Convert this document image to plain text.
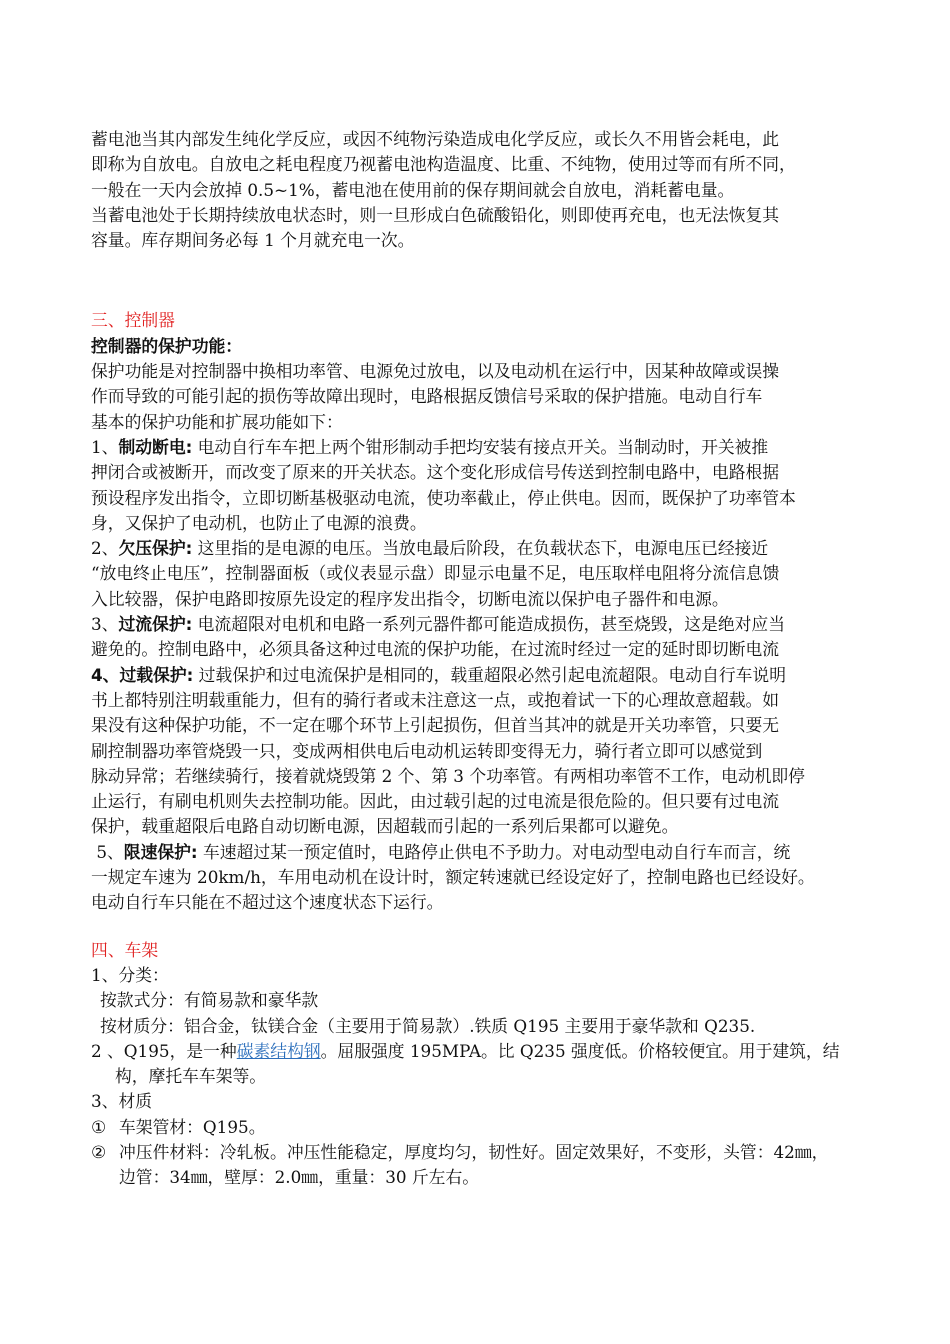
蓄电池当其内部发生纯化学反应，或因不纯物污染造成电化学反应，或长久不用皆会耗电，此

即称为自放电。自放电之耗电程度乃视蓄电池构造温度、比重、不纯物，使用过等而有所不同，

一般在一天内会放掉 0.5~1%，蓄电池在使用前的保存期间就会自放电，消耗蓄电量。

当蓄电池处于长期持续放电状态时，则一旦形成白色硫酸铅化，则即使再充电，也无法恢复其

容量。库存期间务必每 1 个月就充电一次。

三、控制器

控制器的保护功能：

保护功能是对控制器中换相功率管、电源免过放电，以及电动机在运行中，因某种故障或误操

作而导致的可能引起的损伤等故障出现时，电路根据反馈信号采取的保护措施。电动自行车

基本的保护功能和扩展功能如下：

1、制动断电: 电动自行车车把上两个钳形制动手把均安装有接点开关。当制动时，开关被推

押闭合或被断开，而改变了原来的开关状态。这个变化形成信号传送到控制电路中，电路根据

预设程序发出指令，立即切断基极驱动电流，使功率截止，停止供电。因而，既保护了功率管本

身，又保护了电动机，也防止了电源的浪费。

2、欠压保护: 这里指的是电源的电压。当放电最后阶段，在负载状态下，电源电压已经接近

“放电终止电压”，控制器面板（或仪表显示盘）即显示电量不足，电压取样电阻将分流信息馈

入比较器，保护电路即按原先设定的程序发出指令，切断电流以保护电子器件和电源。

3、过流保护: 电流超限对电机和电路一系列元器件都可能造成损伤，甚至烧毁，这是绝对应当

避免的。控制电路中，必须具备这种过电流的保护功能，在过流时经过一定的延时即切断电流

4、过载保护: 过载保护和过电流保护是相同的，载重超限必然引起电流超限。电动自行车说明

书上都特别注明载重能力，但有的骑行者或未注意这一点，或抱着试一下的心理故意超载。如

果没有这种保护功能，不一定在哪个环节上引起损伤，但首当其冲的就是开关功率管，只要无

刷控制器功率管烧毁一只，变成两相供电后电动机运转即变得无力，骑行者立即可以感觉到

脉动异常；若继续骑行，接着就烧毁第 2 个、第 3 个功率管。有两相功率管不工作，电动机即停

止运行，有刷电机则失去控制功能。因此，由过载引起的过电流是很危险的。但只要有过电流

保护，载重超限后电路自动切断电源，因超载而引起的一系列后果都可以避免。

5、限速保护: 车速超过某一预定值时，电路停止供电不予助力。对电动型电动自行车而言，统

一规定车速为 20km/h，车用电动机在设计时，额定转速就已经设定好了，控制电路也已经设好。

电动自行车只能在不超过这个速度状态下运行。

四、车架

1、分类：

按款式分：有简易款和豪华款

按材质分：铝合金，钛镁合金（主要用于简易款）.铁质 Q195 主要用于豪华款和 Q235.

2 、Q195，是一种碳素结构钢。屈服强度 195MPA。比 Q235 强度低。价格较便宜。用于建筑，结

构，摩托车车架等。

3、材质

① 车架管材：Q195。

② 冲压件材料：冷轧板。冲压性能稳定，厚度均匀，韧性好。固定效果好，不变形，头管：42㎜，

边管：34㎜，壁厚：2.0㎜，重量：30 斤左右。
